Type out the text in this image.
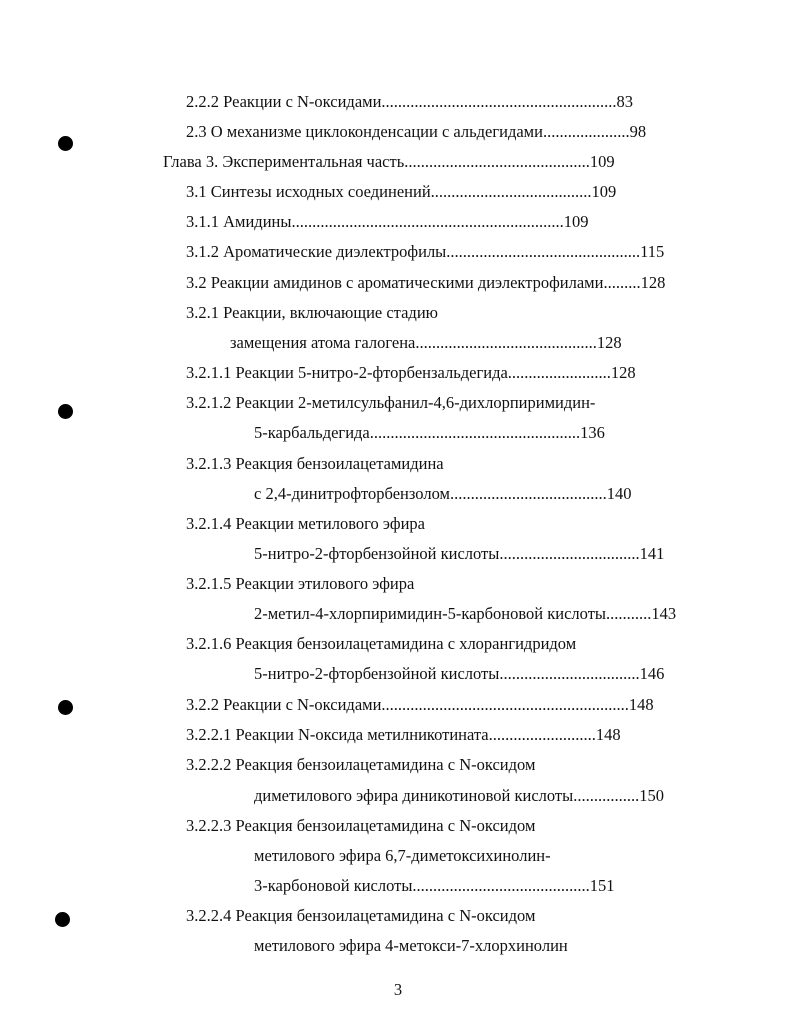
2.2.2 Реакции с N-оксидами.........................................................83
2.3 О механизме циклоконденсации с альдегидами.....................98
Глава 3. Экспериментальная часть.............................................109
3.1 Синтезы исходных соединений.......................................109
3.1.1 Амидины..................................................................109
3.1.2 Ароматические диэлектрофилы...............................................115
3.2 Реакции амидинов с ароматическими диэлектрофилами.........128
3.2.1 Реакции, включающие стадию
замещения атома галогена............................................128
3.2.1.1 Реакции 5-нитро-2-фторбензальдегида.........................128
3.2.1.2 Реакции 2-метилсульфанил-4,6-дихлорпиримидин-
5-карбальдегида...................................................136
3.2.1.3 Реакция бензоилацетамидина
с 2,4-динитрофторбензолом......................................140
3.2.1.4 Реакции метилового эфира
5-нитро-2-фторбензойной кислоты..................................141
3.2.1.5 Реакции этилового эфира
2-метил-4-хлорпиримидин-5-карбоновой кислоты...........143
3.2.1.6 Реакция бензоилацетамидина с хлорангидридом
5-нитро-2-фторбензойной кислоты..................................146
3.2.2 Реакции с N-оксидами............................................................148
3.2.2.1 Реакции N-оксида метилникотината..........................148
3.2.2.2 Реакция бензоилацетамидина с N-оксидом
диметилового эфира диникотиновой кислоты................150
3.2.2.3 Реакция бензоилацетамидина с N-оксидом
метилового эфира 6,7-диметоксихинолин-
3-карбоновой кислоты...........................................151
3.2.2.4 Реакция бензоилацетамидина с N-оксидом
метилового эфира 4-метокси-7-хлорхинолин
3
